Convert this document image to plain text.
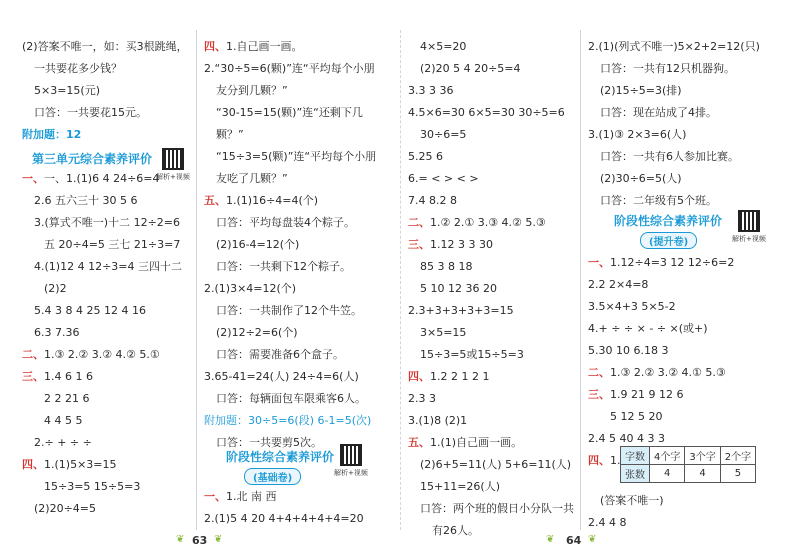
(2)答案不唯一，如：买3根跳绳，
一共要花多少钱？
5×3=15(元)
口答：一共要花15元。
附加题：12
第三单元综合素养评价
解析+视频
一、一、1.(1)6 4 24÷6=4
2.6 五六三十 30 5 6
3.(算式不唯一)十二 12÷2=6
五 20÷4=5 三七 21÷3=7
4.(1)12 4 12÷3=4 三四十二
(2)2
5.4 3 8 4 25 12 4 16
6.3 7.36
二、1.③ 2.② 3.② 4.② 5.①
三、1.4 6 1 6
2 2 21 6
4 4 5 5
2.÷ + ÷ ÷
四、1.(1)5×3=15
15÷3=5 15÷5=3
(2)20÷4=5
四、1.自己画一画。
2.“30÷5=6(颗)”连“平均每个小朋
友分到几颗？”
“30-15=15(颗)”连“还剩下几
颗？”
“15÷3=5(颗)”连“平均每个小朋
友吃了几颗？”
五、1.(1)16÷4=4(个)
口答：平均每盘装4个粽子。
(2)16-4=12(个)
口答：一共剩下12个粽子。
2.(1)3×4=12(个)
口答：一共制作了12个牛笠。
(2)12÷2=6(个)
口答：需要准备6个盒子。
3.65-41=24(人) 24÷4=6(人)
口答：每辆面包车限乘客6人。
附加题：30÷5=6(段) 6-1=5(次)
口答：一共要剪5次。
阶段性综合素养评价
解析+视频
(基础卷)
一、1.北 南 西
2.(1)5 4 20 4+4+4+4+4=20
4×5=20
(2)20 5 4 20÷5=4
3.3 3 36
4.5×6=30 6×5=30 30÷5=6
30÷6=5
5.25 6
6.= < > < >
7.4 8.2 8
二、1.② 2.① 3.③ 4.② 5.③
三、1.12 3 3 30
85 3 8 18
5 10 12 36 20
2.3+3+3+3+3=15
3×5=15
15÷3=5或15÷5=3
四、1.2 2 1 2 1
2.3 3
3.(1)8 (2)1
五、1.(1)自己画一画。
(2)6+5=11(人) 5+6=11(人)
15+11=26(人)
口答：两个班的假日小分队一共
有26人。
2.(1)(列式不唯一)5×2+2=12(只)
口答：一共有12只机器狗。
(2)15÷5=3(排)
口答：现在站成了4排。
3.(1)③ 2×3=6(人)
口答：一共有6人参加比赛。
(2)30÷6=5(人)
口答：二年级有5个班。
阶段性综合素养评价
解析+视频
(提升卷)
一、1.12÷4=3 12 12÷6=2
2.2 2×4=8
3.5×4+3 5×5-2
4.+ ÷ ÷ × - ÷ ×(或+)
5.30 10 6.18 3
二、1.③ 2.② 3.② 4.① 5.③
三、1.9 21 9 12 6
5 12 5 20
2.4 5 40 4 3 3
四、1. 字数	4个字	3个字	2个字
张数	4	4	5
(答案不唯一)
2.4 4 8
❦ 63 ❦	❦ 64 ❦
